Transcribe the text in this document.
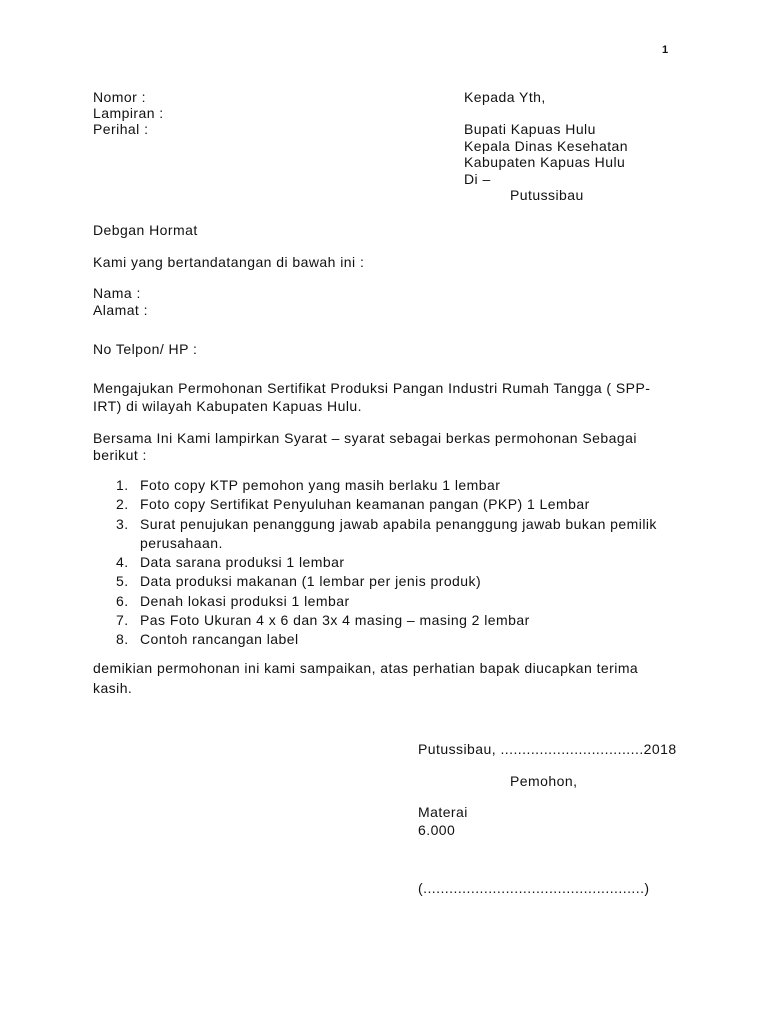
1
Nomor :
Lampiran :
Perihal :
Kepada Yth,
Bupati Kapuas Hulu
Kepala Dinas Kesehatan
Kabupaten Kapuas Hulu
Di –
Putussibau
Debgan Hormat
Kami yang bertandatangan di bawah ini :
Nama :
Alamat :
No Telpon/ HP :
Mengajukan Permohonan Sertifikat Produksi Pangan Industri Rumah Tangga ( SPP-
IRT) di wilayah Kabupaten Kapuas Hulu.
Bersama Ini Kami lampirkan Syarat – syarat sebagai berkas permohonan Sebagai
berikut :
1. Foto copy KTP pemohon yang masih berlaku 1 lembar
2. Foto copy Sertifikat Penyuluhan keamanan pangan (PKP) 1 Lembar
3. Surat penujukan penanggung jawab apabila penanggung jawab bukan pemilik perusahaan.
4. Data sarana produksi 1 lembar
5. Data produksi makanan (1 lembar per jenis produk)
6. Denah lokasi produksi 1 lembar
7. Pas Foto Ukuran 4 x 6 dan 3x 4 masing – masing 2 lembar
8. Contoh rancangan label
demikian permohonan ini kami sampaikan, atas perhatian bapak diucapkan terima
kasih.
Putussibau, .................................2018
Pemohon,
Materai
6.000
(...................................................)
